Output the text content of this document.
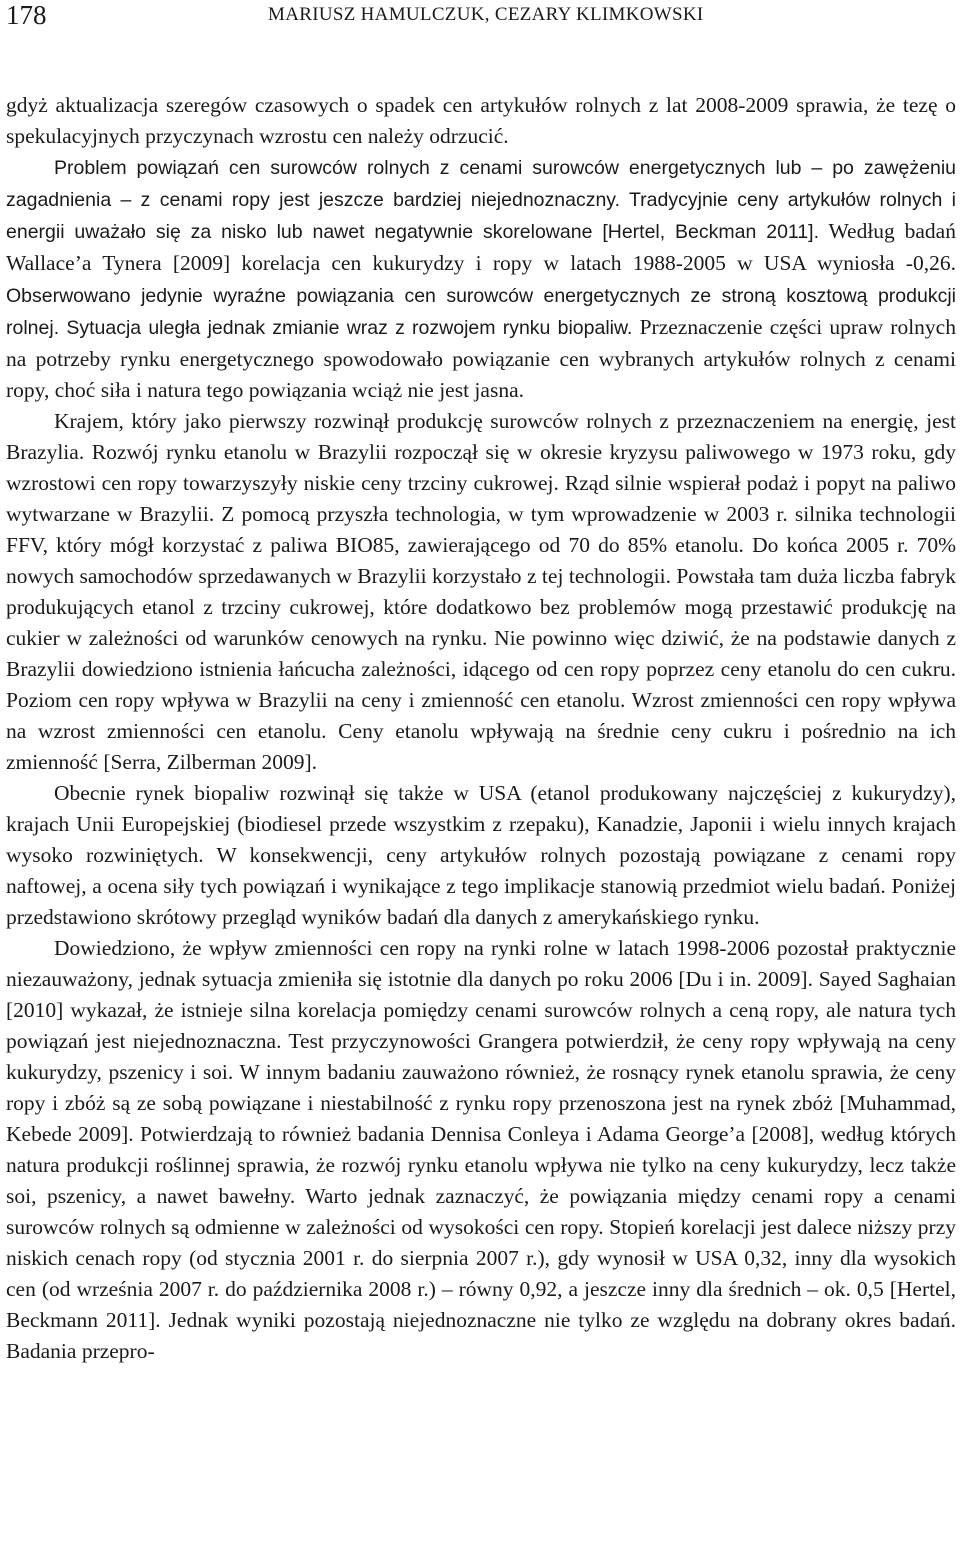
178	MARIUSZ HAMULCZUK, CEZARY KLIMKOWSKI

gdyż aktualizacja szeregów czasowych o spadek cen artykułów rolnych z lat 2008-2009 sprawia, że tezę o spekulacyjnych przyczynach wzrostu cen należy odrzucić.

Problem powiązań cen surowców rolnych z cenami surowców energetycznych lub – po zawężeniu zagadnienia – z cenami ropy jest jeszcze bardziej niejednoznaczny. Tradycyjnie ceny artykułów rolnych i energii uważało się za nisko lub nawet negatywnie skorelowane [Hertel, Beckman 2011]. Według badań Wallace’a Tynera [2009] korelacja cen kukurydzy i ropy w latach 1988-2005 w USA wyniosła -0,26. Obserwowano jedynie wyraźne powiązania cen surowców energetycznych ze stroną kosztową produkcji rolnej. Sytuacja uległa jednak zmianie wraz z rozwojem rynku biopaliw. Przeznaczenie części upraw rolnych na potrzeby rynku energetycznego spowodowało powiązanie cen wybranych artykułów rolnych z cenami ropy, choć siła i natura tego powiązania wciąż nie jest jasna.

Krajem, który jako pierwszy rozwinął produkcję surowców rolnych z przeznaczeniem na energię, jest Brazylia. Rozwój rynku etanolu w Brazylii rozpoczął się w okresie kryzysu paliwowego w 1973 roku, gdy wzrostowi cen ropy towarzyszyły niskie ceny trzciny cukrowej. Rząd silnie wspierał podaż i popyt na paliwo wytwarzane w Brazylii. Z pomocą przyszła technologia, w tym wprowadzenie w 2003 r. silnika technologii FFV, który mógł korzystać z paliwa BIO85, zawierającego od 70 do 85% etanolu. Do końca 2005 r. 70% nowych samochodów sprzedawanych w Brazylii korzystało z tej technologii. Powstała tam duża liczba fabryk produkujących etanol z trzciny cukrowej, które dodatkowo bez problemów mogą przestawić produkcję na cukier w zależności od warunków cenowych na rynku. Nie powinno więc dziwić, że na podstawie danych z Brazylii dowiedziono istnienia łańcucha zależności, idącego od cen ropy poprzez ceny etanolu do cen cukru. Poziom cen ropy wpływa w Brazylii na ceny i zmienność cen etanolu. Wzrost zmienności cen ropy wpływa na wzrost zmienności cen etanolu. Ceny etanolu wpływają na średnie ceny cukru i pośrednio na ich zmienność [Serra, Zilberman 2009].

Obecnie rynek biopaliw rozwinął się także w USA (etanol produkowany najczęściej z kukurydzy), krajach Unii Europejskiej (biodiesel przede wszystkim z rzepaku), Kanadzie, Japonii i wielu innych krajach wysoko rozwiniętych. W konsekwencji, ceny artykułów rolnych pozostają powiązane z cenami ropy naftowej, a ocena siły tych powiązań i wynikające z tego implikacje stanowią przedmiot wielu badań. Poniżej przedstawiono skrótowy przegląd wyników badań dla danych z amerykańskiego rynku.

Dowiedziono, że wpływ zmienności cen ropy na rynki rolne w latach 1998-2006 pozostał praktycznie niezauważony, jednak sytuacja zmieniła się istotnie dla danych po roku 2006 [Du i in. 2009]. Sayed Saghaian [2010] wykazał, że istnieje silna korelacja pomiędzy cenami surowców rolnych a ceną ropy, ale natura tych powiązań jest niejednoznaczna. Test przyczynowości Grangera potwierdził, że ceny ropy wpływają na ceny kukurydzy, pszenicy i soi. W innym badaniu zauważono również, że rosnący rynek etanolu sprawia, że ceny ropy i zbóż są ze sobą powiązane i niestabilność z rynku ropy przenoszona jest na rynek zbóż [Muhammad, Kebede 2009]. Potwierdzają to również badania Dennisa Conleya i Adama George’a [2008], według których natura produkcji roślinnej sprawia, że rozwój rynku etanolu wpływa nie tylko na ceny kukurydzy, lecz także soi, pszenicy, a nawet bawełny. Warto jednak zaznaczyć, że powiązania między cenami ropy a cenami surowców rolnych są odmienne w zależności od wysokości cen ropy. Stopień korelacji jest dalece niższy przy niskich cenach ropy (od stycznia 2001 r. do sierpnia 2007 r.), gdy wynosił w USA 0,32, inny dla wysokich cen (od września 2007 r. do października 2008 r.) – równy 0,92, a jeszcze inny dla średnich – ok. 0,5 [Hertel, Beckmann 2011]. Jednak wyniki pozostają niejednoznaczne nie tylko ze względu na dobrany okres badań. Badania przepro-
